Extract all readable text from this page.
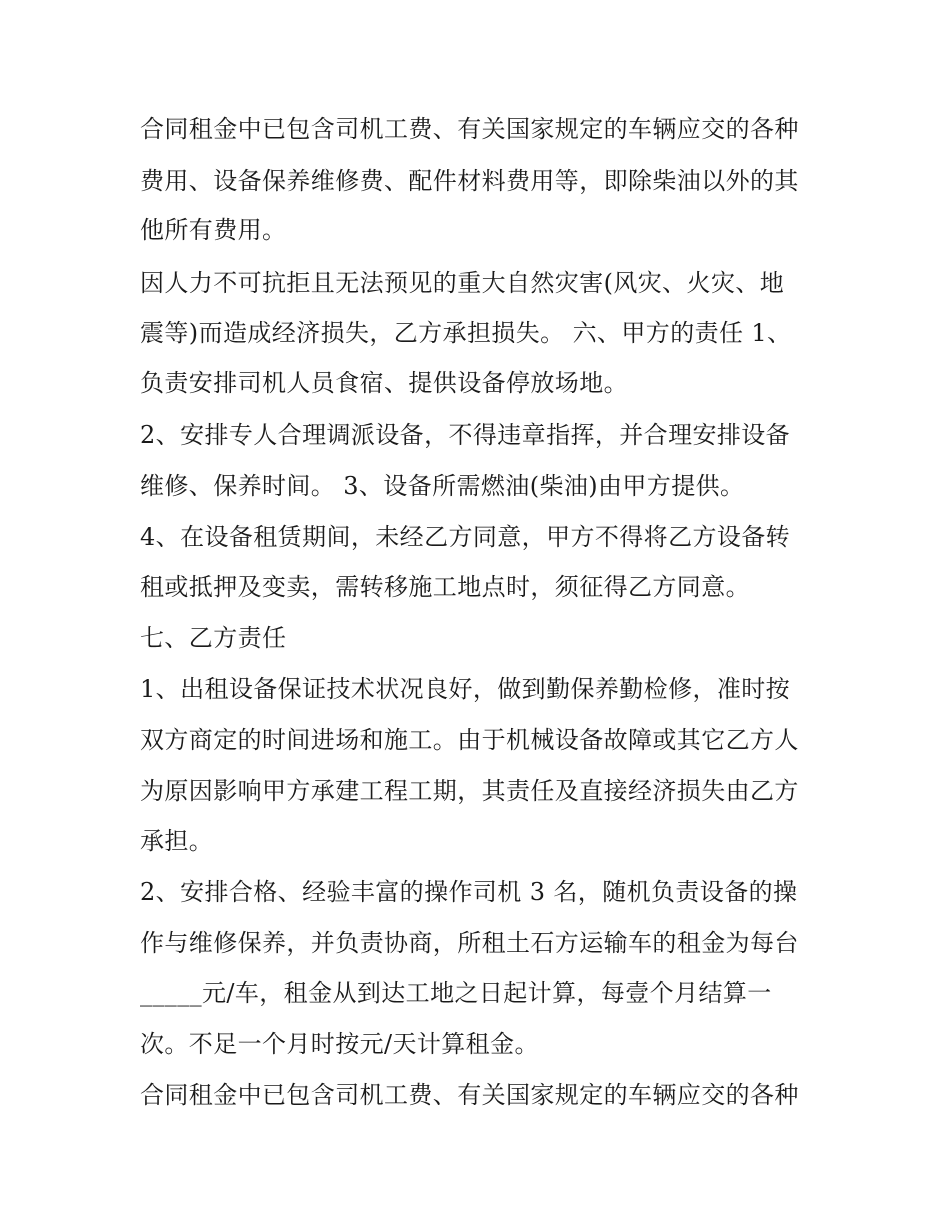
合同租金中已包含司机工费、有关国家规定的车辆应交的各种
费用、设备保养维修费、配件材料费用等，即除柴油以外的其
他所有费用。
因人力不可抗拒且无法预见的重大自然灾害(风灾、火灾、地
震等)而造成经济损失，乙方承担损失。 六、甲方的责任 1、
负责安排司机人员食宿、提供设备停放场地。
2、安排专人合理调派设备，不得违章指挥，并合理安排设备
维修、保养时间。 3、设备所需燃油(柴油)由甲方提供。
4、在设备租赁期间，未经乙方同意，甲方不得将乙方设备转
租或抵押及变卖，需转移施工地点时，须征得乙方同意。
七、乙方责任
1、出租设备保证技术状况良好，做到勤保养勤检修，准时按
双方商定的时间进场和施工。由于机械设备故障或其它乙方人
为原因影响甲方承建工程工期，其责任及直接经济损失由乙方
承担。
2、安排合格、经验丰富的操作司机 3 名，随机负责设备的操
作与维修保养，并负责协商，所租土石方运输车的租金为每台
_____元/车，租金从到达工地之日起计算，每壹个月结算一
次。不足一个月时按元/天计算租金。
合同租金中已包含司机工费、有关国家规定的车辆应交的各种
